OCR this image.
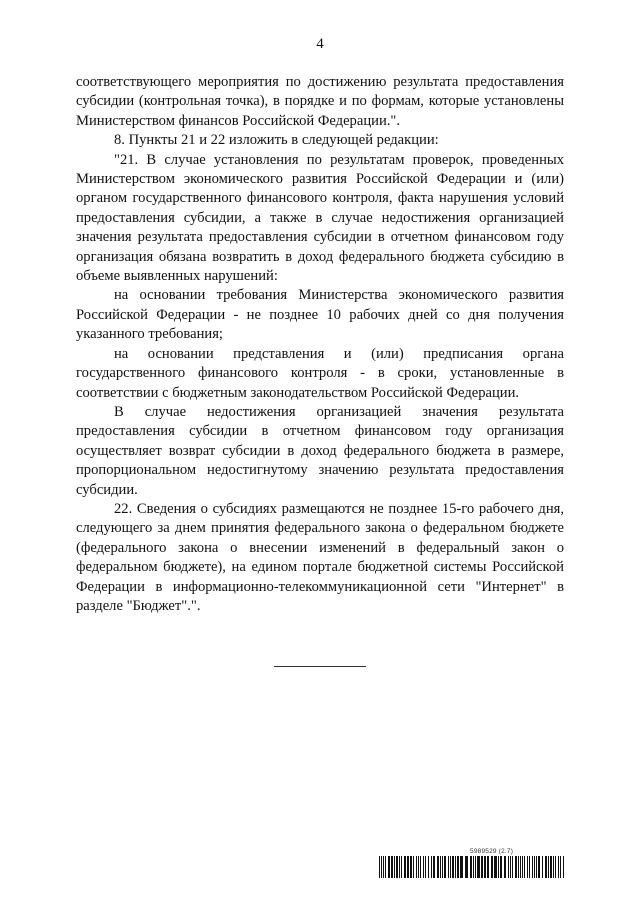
4

соответствующего мероприятия по достижению результата предоставления субсидии (контрольная точка), в порядке и по формам, которые установлены Министерством финансов Российской Федерации.".

8. Пункты 21 и 22 изложить в следующей редакции:

"21. В случае установления по результатам проверок, проведенных Министерством экономического развития Российской Федерации и (или) органом государственного финансового контроля, факта нарушения условий предоставления субсидии, а также в случае недостижения организацией значения результата предоставления субсидии в отчетном финансовом году организация обязана возвратить в доход федерального бюджета субсидию в объеме выявленных нарушений:

на основании требования Министерства экономического развития Российской Федерации - не позднее 10 рабочих дней со дня получения указанного требования;

на основании представления и (или) предписания органа государственного финансового контроля - в сроки, установленные в соответствии с бюджетным законодательством Российской Федерации.

В случае недостижения организацией значения результата предоставления субсидии в отчетном финансовом году организация осуществляет возврат субсидии в доход федерального бюджета в размере, пропорциональном недостигнутому значению результата предоставления субсидии.

22. Сведения о субсидиях размещаются не позднее 15-го рабочего дня, следующего за днем принятия федерального закона о федеральном бюджете (федерального закона о внесении изменений в федеральный закон о федеральном бюджете), на едином портале бюджетной системы Российской Федерации в информационно-телекоммуникационной сети "Интернет" в разделе "Бюджет".".

5989529 (2.7)
